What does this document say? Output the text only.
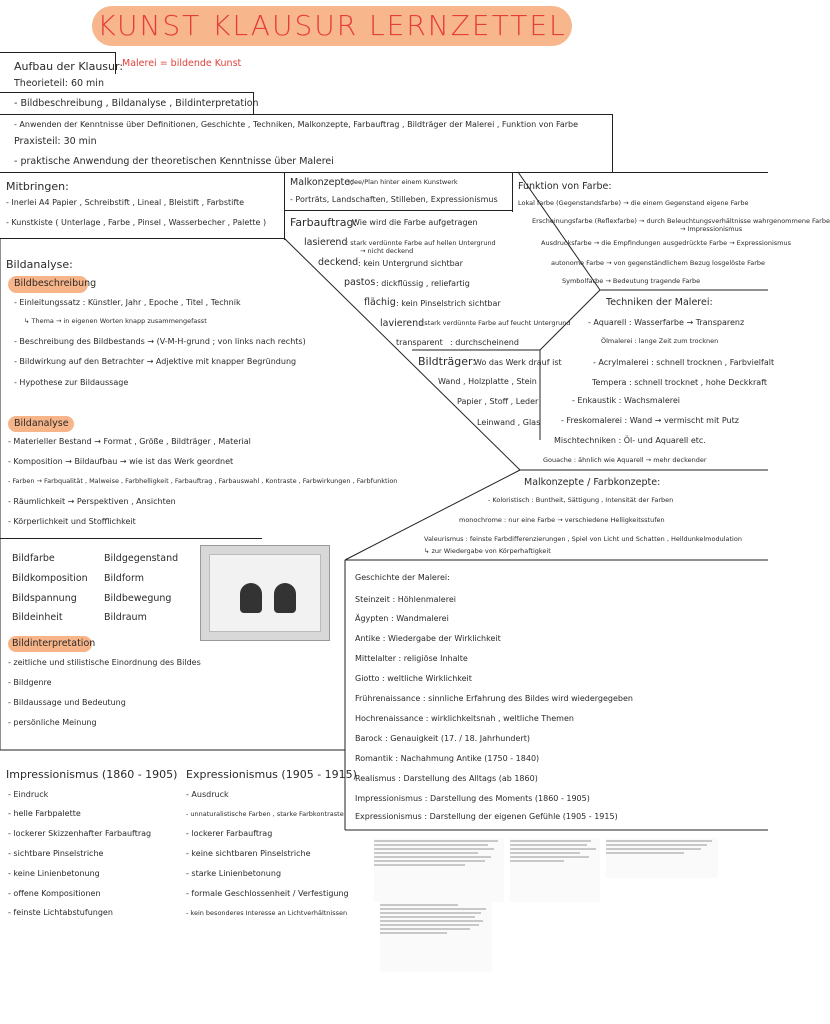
KUNST KLAUSUR LERNZETTEL
Aufbau der Klausur:
Malerei = bildende Kunst
Theorieteil: 60 min
- Bildbeschreibung , Bildanalyse , Bildinterpretation
- Anwenden der Kenntnisse über Definitionen, Geschichte , Techniken, Malkonzepte, Farbauftrag , Bildträger der Malerei , Funktion von Farbe
Praxisteil: 30 min
- praktische Anwendung der theoretischen Kenntnisse über Malerei
Mitbringen:
- Inerlei A4 Papier , Schreibstift , Lineal , Bleistift , Farbstifte
- Kunstkiste ( Unterlage , Farbe , Pinsel , Wasserbecher , Palette )
Malkonzepte:
Idee/Plan hinter einem Kunstwerk
- Porträts, Landschaften, Stilleben, Expressionismus
Funktion von Farbe:
Lokal farbe (Gegenstandsfarbe) → die einem Gegenstand eigene Farbe
Erscheinungsfarbe (Reflexfarbe) → durch Beleuchtungsverhältnisse wahrgenommene Farbe
→ Impressionismus
Ausdrucksfarbe → die Empfindungen ausgedrückte Farbe → Expressionismus
autonome Farbe → von gegenständlichem Bezug losgelöste Farbe
Symbolfarbe → Bedeutung tragende Farbe
Farbauftrag:
Wie wird die Farbe aufgetragen
lasierend
: stark verdünnte Farbe auf hellen Untergrund
→ nicht deckend
deckend : kein Untergrund sichtbar
pastos : dickflüssig , reliefartig
flächig : kein Pinselstrich sichtbar
lavierend
: stark verdünnte Farbe auf feucht Untergrund
transparent : durchscheinend
Techniken der Malerei:
- Aquarell : Wasserfarbe → Transparenz
Ölmalerei : lange Zeit zum trocknen
- Acrylmalerei : schnell trocknen , Farbvielfalt
Tempera : schnell trocknet , hohe Deckkraft
- Enkaustik : Wachsmalerei
- Freskomalerei : Wand → vermischt mit Putz
Mischtechniken : Öl- und Aquarell etc.
Gouache : ähnlich wie Aquarell → mehr deckender
Bildträger:
Wo das Werk drauf ist
Wand , Holzplatte , Stein
Papier , Stoff , Leder
Leinwand , Glas
Malkonzepte / Farbkonzepte:
- Koloristisch : Buntheit, Sättigung , Intensität der Farben
monochrome : nur eine Farbe → verschiedene Helligkeitsstufen
Valeurismus : feinste Farbdifferenzierungen , Spiel von Licht und Schatten , Helldunkelmodulation
↳ zur Wiedergabe von Körperhaftigkeit
Bildanalyse:
Bildbeschreibung
- Einleitungssatz : Künstler, Jahr , Epoche , Titel , Technik
↳ Thema → in eigenen Worten knapp zusammengefasst
- Beschreibung des Bildbestands → (V-M-H-grund ; von links nach rechts)
- Bildwirkung auf den Betrachter → Adjektive mit knapper Begründung
- Hypothese zur Bildaussage
Bildanalyse
- Materieller Bestand → Format , Größe , Bildträger , Material
- Komposition → Bildaufbau → wie ist das Werk geordnet
- Farben → Farbqualität , Malweise , Farbhelligkeit , Farbauftrag , Farbauswahl , Kontraste , Farbwirkungen , Farbfunktion
- Räumlichkeit → Perspektiven , Ansichten
- Körperlichkeit und Stofflichkeit
Bildfarbe
Bildkomposition
Bildspannung
Bildeinheit
Bildgegenstand
Bildform
Bildbewegung
Bildraum
Bildinterpretation
- zeitliche und stilistische Einordnung des Bildes
- Bildgenre
- Bildaussage und Bedeutung
- persönliche Meinung
Geschichte der Malerei:
Steinzeit : Höhlenmalerei
Ägypten : Wandmalerei
Antike : Wiedergabe der Wirklichkeit
Mittelalter : religiöse Inhalte
Giotto : weltliche Wirklichkeit
Frührenaissance : sinnliche Erfahrung des Bildes wird wiedergegeben
Hochrenaissance : wirklichkeitsnah , weltliche Themen
Barock : Genauigkeit (17. / 18. Jahrhundert)
Romantik : Nachahmung Antike (1750 - 1840)
Realismus : Darstellung des Alltags (ab 1860)
Impressionismus : Darstellung des Moments (1860 - 1905)
Expressionismus : Darstellung der eigenen Gefühle (1905 - 1915)
Impressionismus (1860 - 1905)
- Eindruck
- helle Farbpalette
- lockerer Skizzenhafter Farbauftrag
- sichtbare Pinselstriche
- keine Linienbetonung
- offene Kompositionen
- feinste Lichtabstufungen
Expressionismus (1905 - 1915)
- Ausdruck
- unnaturalistische Farben , starke Farbkontraste
- lockerer Farbauftrag
- keine sichtbaren Pinselstriche
- starke Linienbetonung
- formale Geschlossenheit / Verfestigung
- kein besonderes Interesse an Lichtverhältnissen
